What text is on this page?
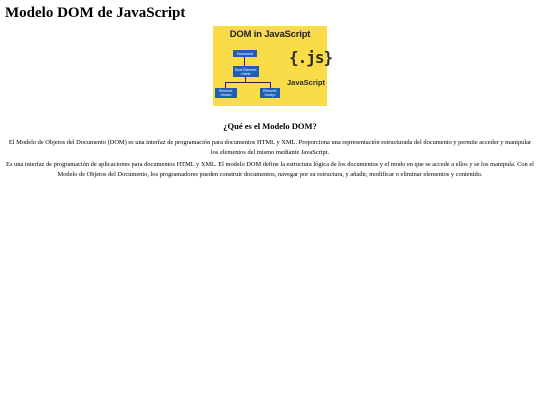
Modelo DOM de JavaScript
DOM in JavaScript
Document
Root Element: <html>
Element: <head>
Element: <body>
{.js}
JavaScript
¿Qué es el Modelo DOM?

El Modelo de Objetos del Documento (DOM) es una interfaz de programación para documentos HTML y XML. Proporciona una representación estructurada del documento y permite acceder y manipular los elementos del mismo mediante JavaScript.

Es una interfaz de programación de aplicaciones para documentos HTML y XML. El modelo DOM define la estructura lógica de los documentos y el modo en que se accede a ellos y se los manipula. Con el Modelo de Objetos del Documento, los programadores pueden construir documentos, navegar por su estructura, y añadir, modificar o eliminar elementos y contenido.
